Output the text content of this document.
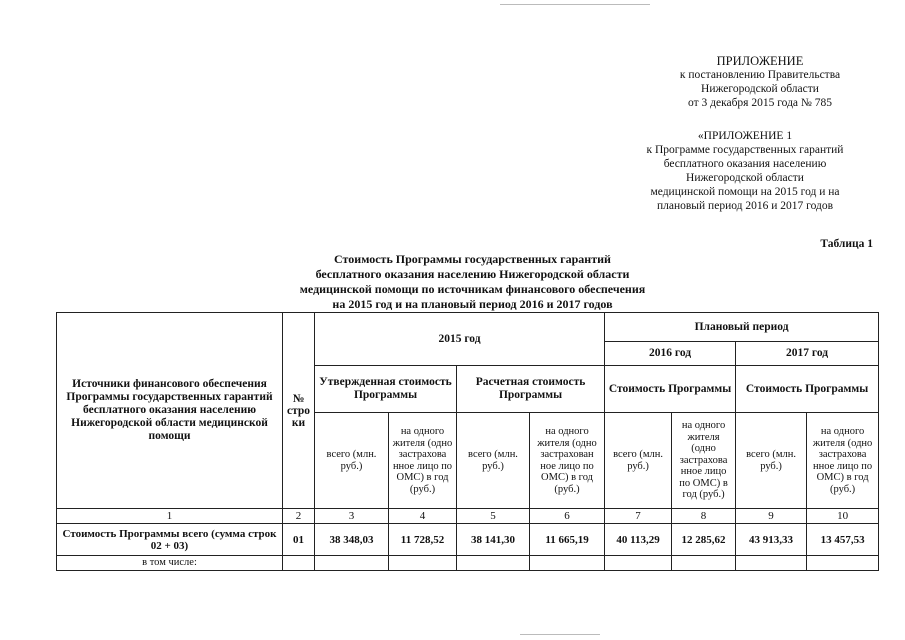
ПРИЛОЖЕНИЕ
к постановлению Правительства
Нижегородской области
от 3 декабря 2015 года № 785
«ПРИЛОЖЕНИЕ 1
к Программе государственных гарантий
бесплатного оказания населению
Нижегородской области
медицинской помощи на 2015 год и на
плановый период 2016 и 2017 годов
Таблица 1
Стоимость Программы государственных гарантий
бесплатного оказания населению Нижегородской области
медицинской помощи по источникам финансового обеспечения
на 2015 год и на плановый период 2016 и 2017 годов
Источники финансового обеспечения Программы государственных гарантий бесплатного оказания населению Нижегородской области медицинской помощи	№ стро ки	2015 год				Плановый период			
						2016 год		2017 год	
		Утвержденная стоимость Программы		Расчетная стоимость Программы		Стоимость Программы		Стоимость Программы	
		всего (млн. руб.)	на одного жителя (одно застрахова нное лицо по ОМС) в год (руб.)	всего (млн. руб.)	на одного жителя (одно застрахован ное лицо по ОМС) в год (руб.)	всего (млн. руб.)	на одного жителя (одно застрахова нное лицо по ОМС) в год (руб.)	всего (млн. руб.)	на одного жителя (одно застрахова нное лицо по ОМС) в год (руб.)
1	2	3	4	5	6	7	8	9	10
Стоимость Программы всего (сумма строк 02 + 03)	01	38 348,03	11 728,52	38 141,30	11 665,19	40 113,29	12 285,62	43 913,33	13 457,53
в том числе:									
